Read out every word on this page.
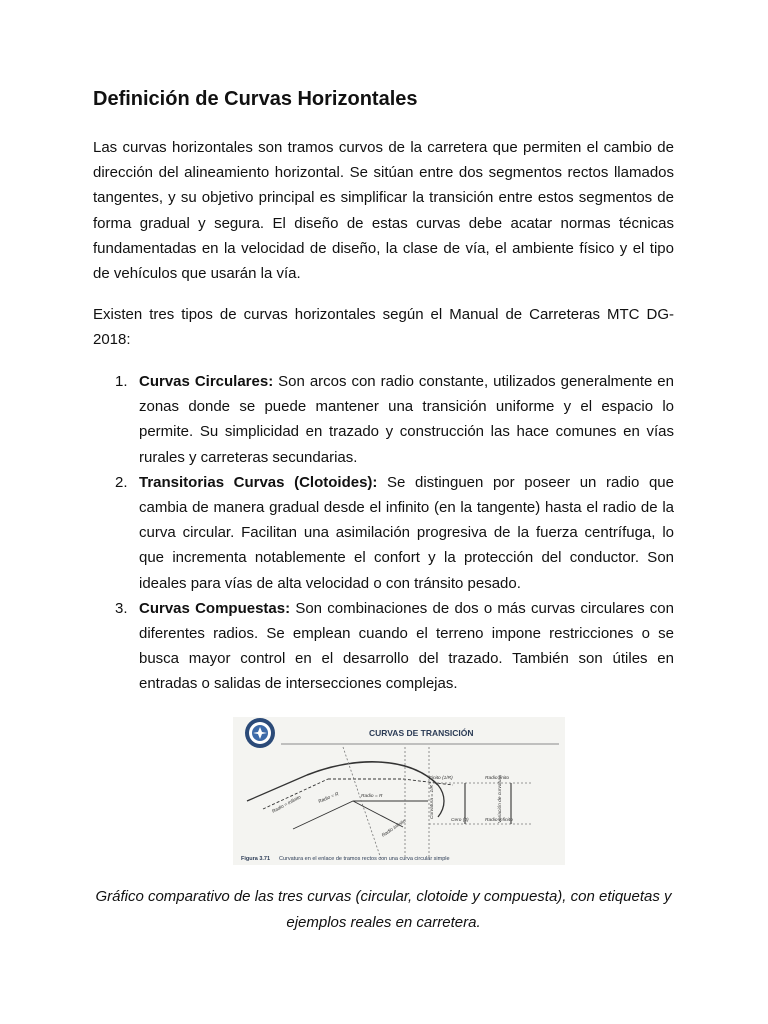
Definición de Curvas Horizontales

Las curvas horizontales son tramos curvos de la carretera que permiten el cambio de dirección del alineamiento horizontal. Se sitúan entre dos segmentos rectos llamados tangentes, y su objetivo principal es simplificar la transición entre estos segmentos de forma gradual y segura. El diseño de estas curvas debe acatar normas técnicas fundamentadas en la velocidad de diseño, la clase de vía, el ambiente físico y el tipo de vehículos que usarán la vía.

Existen tres tipos de curvas horizontales según el Manual de Carreteras MTC DG-2018:

1. Curvas Circulares: Son arcos con radio constante, utilizados generalmente en zonas donde se puede mantener una transición uniforme y el espacio lo permite. Su simplicidad en trazado y construcción las hace comunes en vías rurales y carreteras secundarias.
2. Transitorias Curvas (Clotoides): Se distinguen por poseer un radio que cambia de manera gradual desde el infinito (en la tangente) hasta el radio de la curva circular. Facilitan una asimilación progresiva de la fuerza centrífuga, lo que incrementa notablemente el confort y la protección del conductor. Son ideales para vías de alta velocidad o con tránsito pesado.
3. Curvas Compuestas: Son combinaciones de dos o más curvas circulares con diferentes radios. Se emplean cuando el terreno impone restricciones o se busca mayor control en el desarrollo del trazado. También son útiles en entradas o salidas de intersecciones complejas.
CURVAS DE TRANSICIÓN
Radio = infinito	Radio = R	Radio = R
Radio infinito
Curvatura = 1/R
Finito (1/R)	Radio finito
Cero (0)	Radio infinito
Variación de curvatura
Figura 3.71 Curvatura en el enlace de tramos rectos con una curva circular simple

Gráfico comparativo de las tres curvas (circular, clotoide y compuesta), con etiquetas y ejemplos reales en carretera.
